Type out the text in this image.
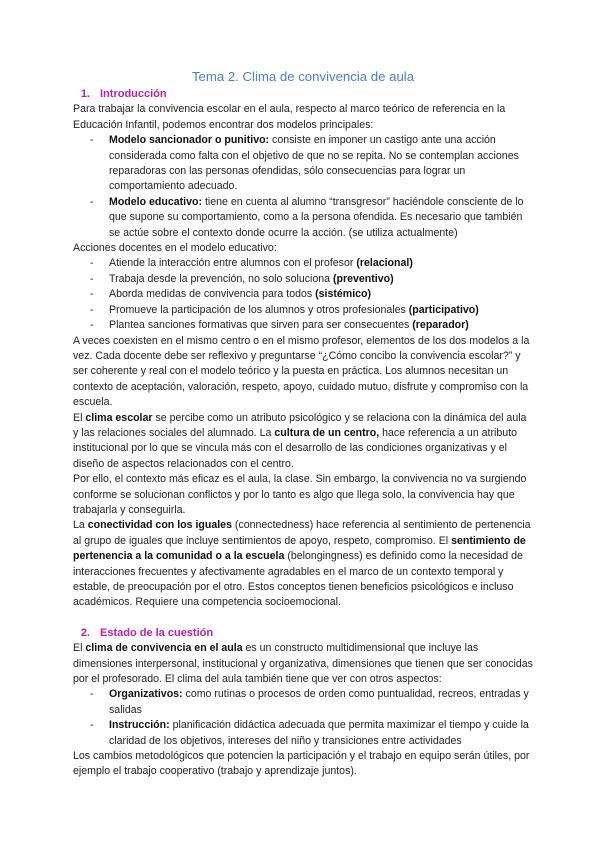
Tema 2. Clima de convivencia de aula
1. Introducción

Para trabajar la convivencia escolar en el aula, respecto al marco teórico de referencia en la Educación Infantil, podemos encontrar dos modelos principales:

- Modelo sancionador o punitivo: consiste en imponer un castigo ante una acción considerada como falta con el objetivo de que no se repita. No se contemplan acciones reparadoras con las personas ofendidas, sólo consecuencias para lograr un comportamiento adecuado.
- Modelo educativo: tiene en cuenta al alumno “transgresor” haciéndole consciente de lo que supone su comportamiento, como a la persona ofendida. Es necesario que también se actúe sobre el contexto donde ocurre la acción. (se utiliza actualmente)

Acciones docentes en el modelo educativo:

- Atiende la interacción entre alumnos con el profesor (relacional)
- Trabaja desde la prevención, no solo soluciona (preventivo)
- Aborda medidas de convivencia para todos (sistémico)
- Promueve la participación de los alumnos y otros profesionales (participativo)
- Plantea sanciones formativas que sirven para ser consecuentes (reparador)

A veces coexisten en el mismo centro o en el mismo profesor, elementos de los dos modelos a la vez. Cada docente debe ser reflexivo y preguntarse “¿Cómo concibo la convivencia escolar?” y ser coherente y real con el modelo teórico y la puesta en práctica. Los alumnos necesitan un contexto de aceptación, valoración, respeto, apoyo, cuidado mutuo, disfrute y compromiso con la escuela.

El clima escolar se percibe como un atributo psicológico y se relaciona con la dinámica del aula y las relaciones sociales del alumnado. La cultura de un centro, hace referencia a un atributo institucional por lo que se vincula más con el desarrollo de las condiciones organizativas y el diseño de aspectos relacionados con el centro.

Por ello, el contexto más eficaz es el aula, la clase. Sin embargo, la convivencia no va surgiendo conforme se solucionan conflictos y por lo tanto es algo que llega solo, la convivencia hay que trabajarla y conseguirla.

La conectividad con los iguales (connectedness) hace referencia al sentimiento de pertenencia al grupo de iguales que incluye sentimientos de apoyo, respeto, compromiso. El sentimiento de pertenencia a la comunidad o a la escuela (belongingness) es definido como la necesidad de interacciones frecuentes y afectivamente agradables en el marco de un contexto temporal y estable, de preocupación por el otro. Estos conceptos tienen beneficios psicológicos e incluso académicos. Requiere una competencia socioemocional.

2. Estado de la cuestión

El clima de convivencia en el aula es un constructo multidimensional que incluye las dimensiones interpersonal, institucional y organizativa, dimensiones que tienen que ser conocidas por el profesorado. El clima del aula también tiene que ver con otros aspectos:

- Organizativos: como rutinas o procesos de orden como puntualidad, recreos, entradas y salidas
- Instrucción: planificación didáctica adecuada que permita maximizar el tiempo y cuide la claridad de los objetivos, intereses del niño y transiciones entre actividades

Los cambios metodológicos que potencien la participación y el trabajo en equipo serán útiles, por ejemplo el trabajo cooperativo (trabajo y aprendizaje juntos).
